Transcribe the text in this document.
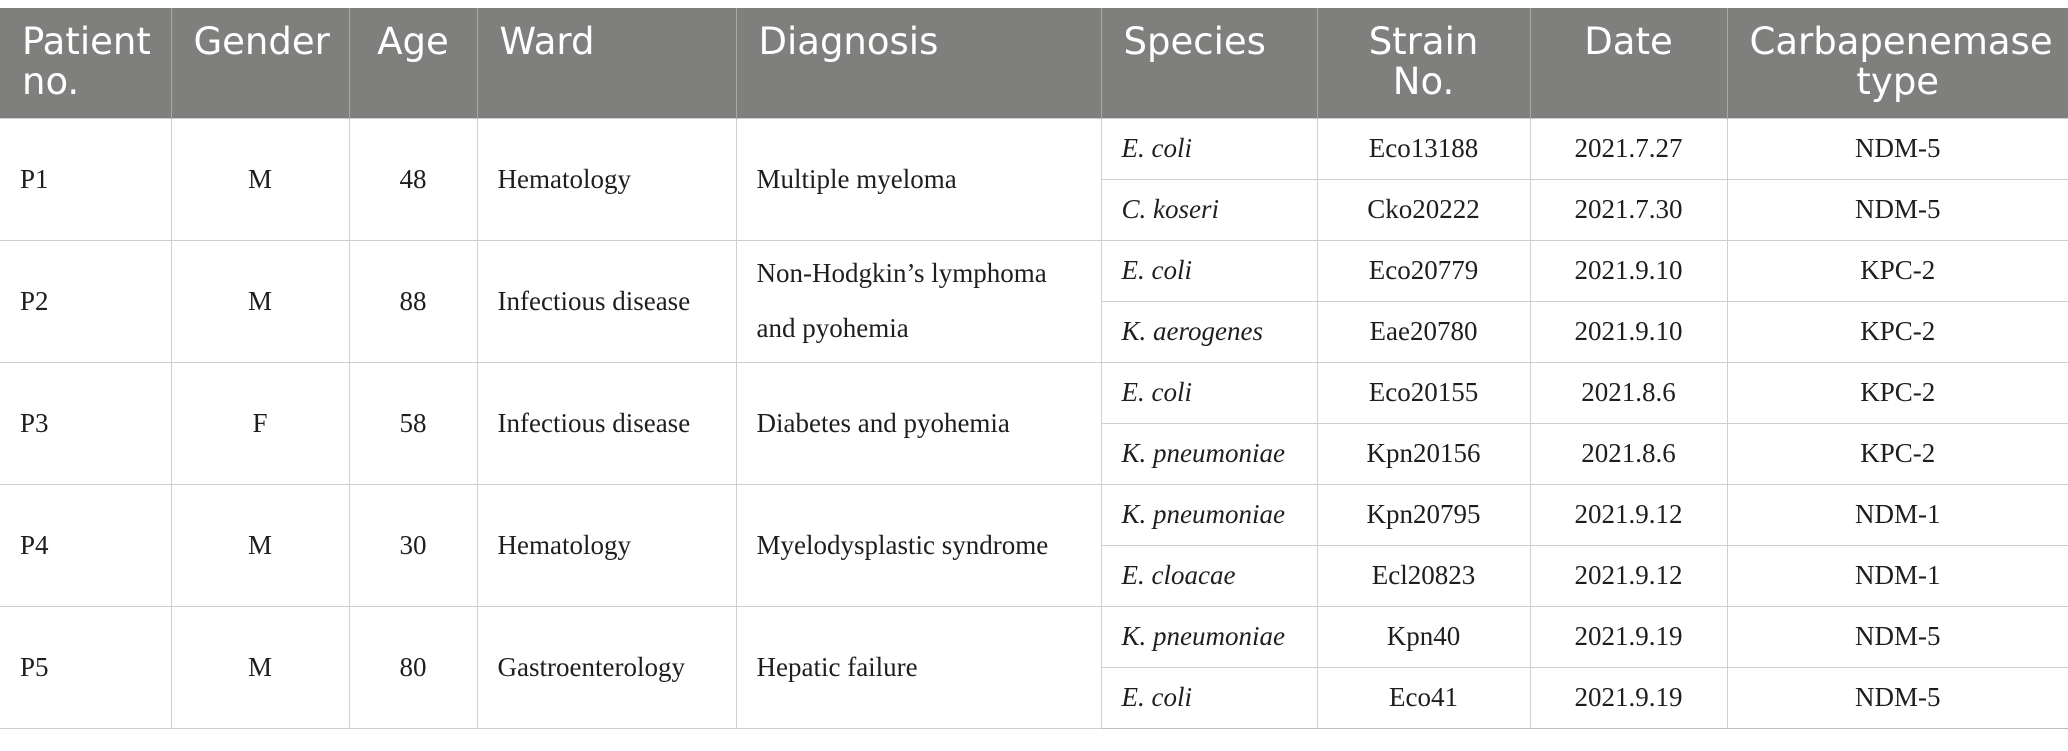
Patient no.	Gender	Age	Ward	Diagnosis	Species	Strain No.	Date	Carbapenemase type
P1	M	48	Hematology	Multiple myeloma	E. coli	Eco13188	2021.7.27	NDM-5
					C. koseri	Cko20222	2021.7.30	NDM-5
P2	M	88	Infectious disease	Non-Hodgkin’s lymphoma and pyohemia	E. coli	Eco20779	2021.9.10	KPC-2
					K. aerogenes	Eae20780	2021.9.10	KPC-2
P3	F	58	Infectious disease	Diabetes and pyohemia	E. coli	Eco20155	2021.8.6	KPC-2
					K. pneumoniae	Kpn20156	2021.8.6	KPC-2
P4	M	30	Hematology	Myelodysplastic syndrome	K. pneumoniae	Kpn20795	2021.9.12	NDM-1
					E. cloacae	Ecl20823	2021.9.12	NDM-1
P5	M	80	Gastroenterology	Hepatic failure	K. pneumoniae	Kpn40	2021.9.19	NDM-5
					E. coli	Eco41	2021.9.19	NDM-5
